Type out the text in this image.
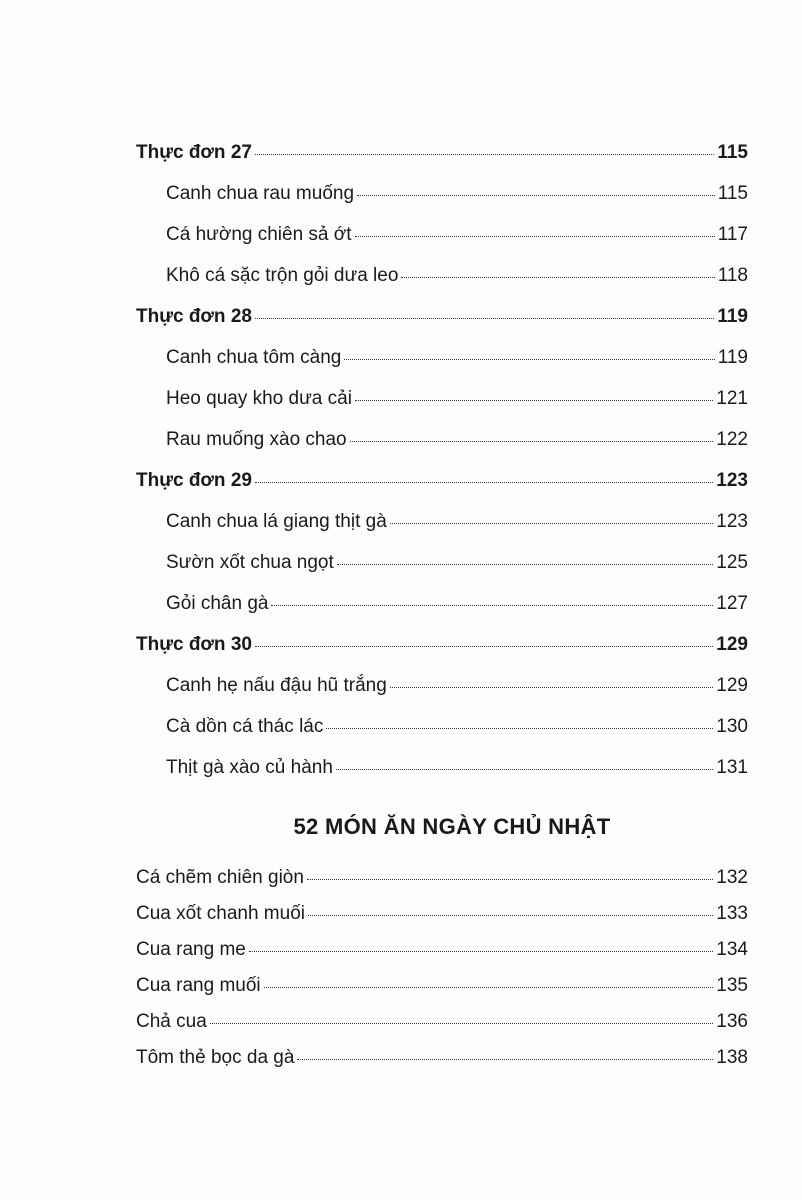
Thực đơn 27	115
Canh chua rau muống	115
Cá hường chiên sả ớt	117
Khô cá sặc trộn gỏi dưa leo	118
Thực đơn 28	119
Canh chua tôm càng	119
Heo quay kho dưa cải	121
Rau muống xào chao	122
Thực đơn 29	123
Canh chua lá giang thịt gà	123
Sườn xốt chua ngọt	125
Gỏi chân gà	127
Thực đơn 30	129
Canh hẹ nấu đậu hũ trắng	129
Cà dồn cá thác lác	130
Thịt gà xào củ hành	131
52 MÓN ĂN NGÀY CHỦ NHẬT
Cá chẽm chiên giòn	132
Cua xốt chanh muối	133
Cua rang me	134
Cua rang muối	135
Chả cua	136
Tôm thẻ bọc da gà	138
